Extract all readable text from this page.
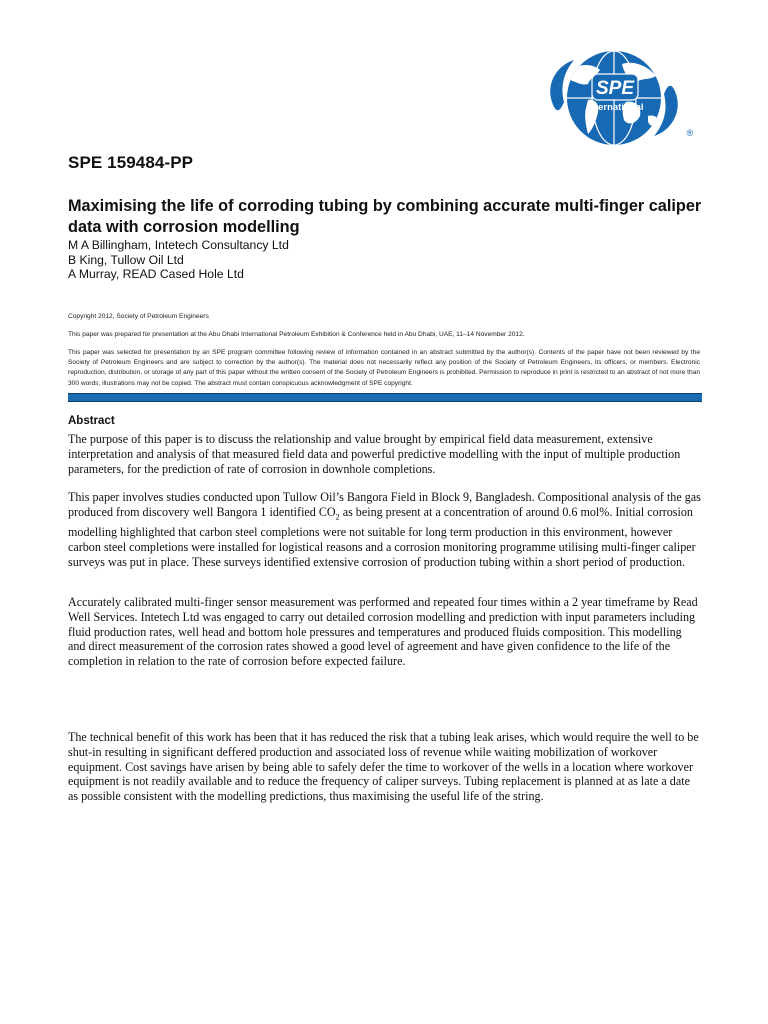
SPE
International
®
SPE 159484-PP
Maximising the life of corroding tubing by combining accurate multi-finger caliper data with corrosion modelling
M A Billingham, Intetech Consultancy Ltd
B King, Tullow Oil Ltd
A Murray, READ Cased Hole Ltd

Copyright 2012, Society of Petroleum Engineers

This paper was prepared for presentation at the Abu Dhabi International Petroleum Exhibition & Conference held in Abu Dhabi, UAE, 11–14 November 2012.

This paper was selected for presentation by an SPE program committee following review of information contained in an abstract submitted by the author(s). Contents of the paper have not been reviewed by the Society of Petroleum Engineers and are subject to correction by the author(s). The material does not necessarily reflect any position of the Society of Petroleum Engineers, its officers, or members. Electronic reproduction, distribution, or storage of any part of this paper without the written consent of the Society of Petroleum Engineers is prohibited. Permission to reproduce in print is restricted to an abstract of not more than 300 words; illustrations may not be copied. The abstract must contain conspicuous acknowledgment of SPE copyright.

Abstract

The purpose of this paper is to discuss the relationship and value brought by empirical field data measurement, extensive interpretation and analysis of that measured field data and powerful predictive modelling with the input of multiple production parameters, for the prediction of rate of corrosion in downhole completions.

This paper involves studies conducted upon Tullow Oil’s Bangora Field in Block 9, Bangladesh. Compositional analysis of the gas produced from discovery well Bangora 1 identified $CO_2$ as being present at a concentration of around 0.6 mol%. Initial corrosion modelling highlighted that carbon steel completions were not suitable for long term production in this environment, however carbon steel completions were installed for logistical reasons and a corrosion monitoring programme utilising multi-finger caliper surveys was put in place. These surveys identified extensive corrosion of production tubing within a short period of production.

Accurately calibrated multi-finger sensor measurement was performed and repeated four times within a 2 year timeframe by Read Well Services. Intetech Ltd was engaged to carry out detailed corrosion modelling and prediction with input parameters including fluid production rates, well head and bottom hole pressures and temperatures and produced fluids composition. This modelling and direct measurement of the corrosion rates showed a good level of agreement and have given confidence to the life of the completion in relation to the rate of corrosion before expected failure.

The technical benefit of this work has been that it has reduced the risk that a tubing leak arises, which would require the well to be shut-in resulting in significant deffered production and associated loss of revenue while waiting mobilization of workover equipment. Cost savings have arisen by being able to safely defer the time to workover of the wells in a location where workover equipment is not readily available and to reduce the frequency of caliper surveys. Tubing replacement is planned at as late a date as possible consistent with the modelling predictions, thus maximising the useful life of the string.
